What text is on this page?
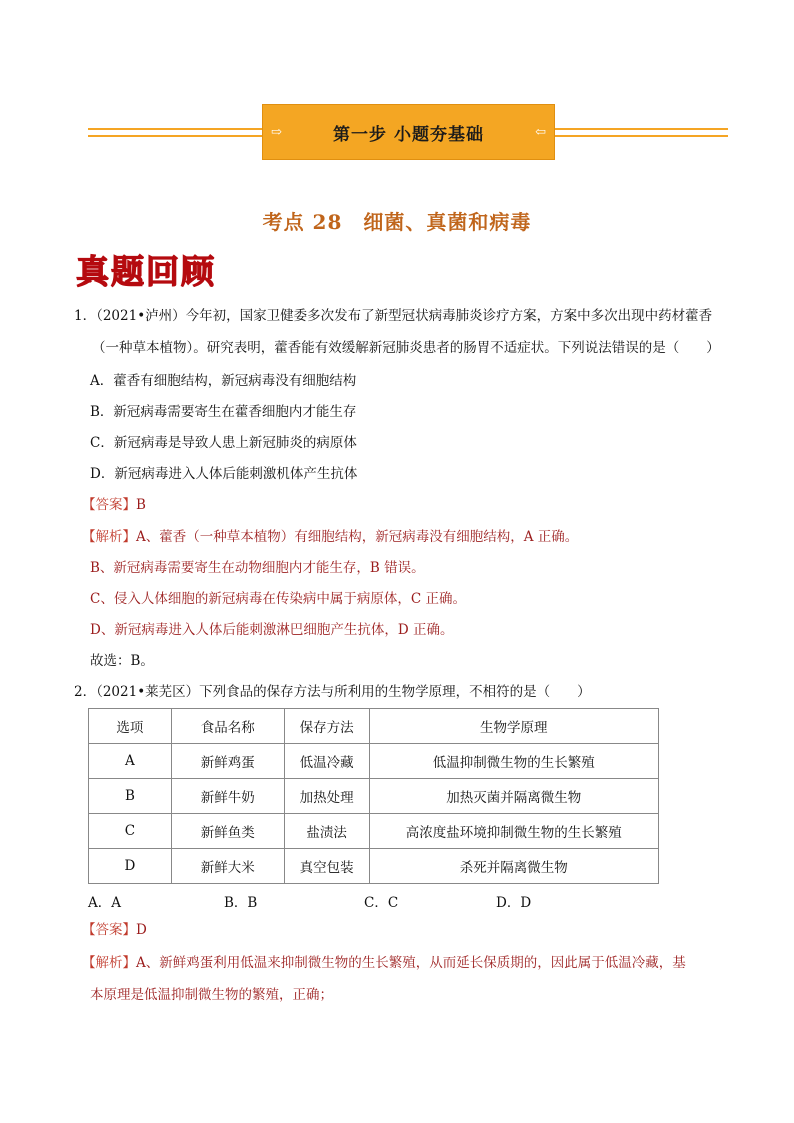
⇨	第一步 小题夯基础	⇦
考点 28　细菌、真菌和病毒
真题回顾
1．（2021•泸州）今年初，国家卫健委多次发布了新型冠状病毒肺炎诊疗方案，方案中多次出现中药材藿香
（一种草本植物）。研究表明，藿香能有效缓解新冠肺炎患者的肠胃不适症状。下列说法错误的是（　　）
A．藿香有细胞结构，新冠病毒没有细胞结构
B．新冠病毒需要寄生在藿香细胞内才能生存
C．新冠病毒是导致人患上新冠肺炎的病原体
D．新冠病毒进入人体后能刺激机体产生抗体
【答案】B
【解析】A、藿香（一种草本植物）有细胞结构，新冠病毒没有细胞结构，A 正确。
B、新冠病毒需要寄生在动物细胞内才能生存，B 错误。
C、侵入人体细胞的新冠病毒在传染病中属于病原体，C 正确。
D、新冠病毒进入人体后能刺激淋巴细胞产生抗体，D 正确。
故选：B。
2．（2021•莱芜区）下列食品的保存方法与所利用的生物学原理，不相符的是（　　）
选项	食品名称	保存方法	生物学原理
A	新鲜鸡蛋	低温冷藏	低温抑制微生物的生长繁殖
B	新鲜牛奶	加热处理	加热灭菌并隔离微生物
C	新鲜鱼类	盐渍法	高浓度盐环境抑制微生物的生长繁殖
D	新鲜大米	真空包装	杀死并隔离微生物
A．A	B．B	C．C	D．D
【答案】D
【解析】A、新鲜鸡蛋利用低温来抑制微生物的生长繁殖，从而延长保质期的，因此属于低温冷藏，基
本原理是低温抑制微生物的繁殖，正确；
